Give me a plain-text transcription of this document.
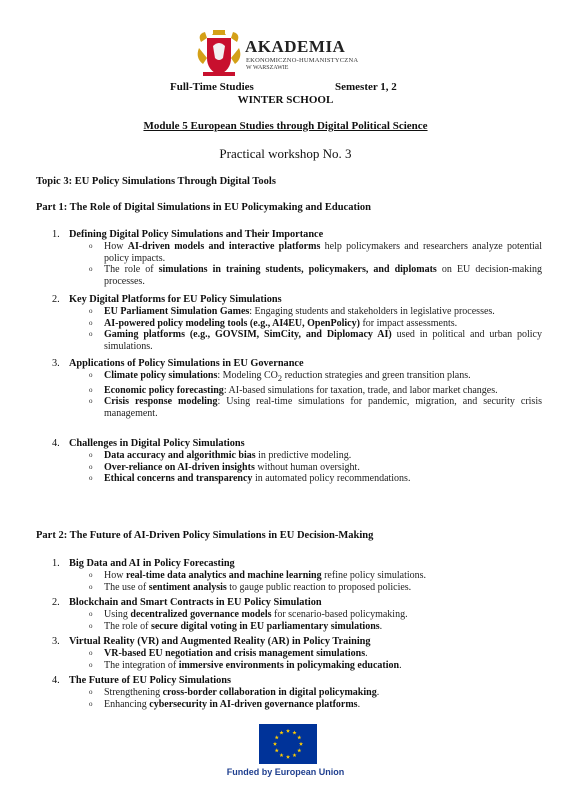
AKADEMIA
EKONOMICZNO-HUMANISTYCZNA
W WARSZAWIE
Full-Time Studies	Semester 1, 2
WINTER SCHOOL
Module 5 European Studies through Digital Political Science
Practical workshop No. 3
Topic 3: EU Policy Simulations Through Digital Tools
Part 1: The Role of Digital Simulations in EU Policymaking and Education
1. Defining Digital Policy Simulations and Their Importance
o How AI-driven models and interactive platforms help policymakers and researchers analyze potential policy impacts.
o The role of simulations in training students, policymakers, and diplomats on EU decision-making processes.
2. Key Digital Platforms for EU Policy Simulations
o EU Parliament Simulation Games: Engaging students and stakeholders in legislative processes.
o AI-powered policy modeling tools (e.g., AI4EU, OpenPolicy) for impact assessments.
o Gaming platforms (e.g., GOVSIM, SimCity, and Diplomacy AI) used in political and urban policy simulations.
3. Applications of Policy Simulations in EU Governance
o Climate policy simulations: Modeling $CO_2$ reduction strategies and green transition plans.
o Economic policy forecasting: AI-based simulations for taxation, trade, and labor market changes.
o Crisis response modeling: Using real-time simulations for pandemic, migration, and security crisis management.
4. Challenges in Digital Policy Simulations
o Data accuracy and algorithmic bias in predictive modeling.
o Over-reliance on AI-driven insights without human oversight.
o Ethical concerns and transparency in automated policy recommendations.
Part 2: The Future of AI-Driven Policy Simulations in EU Decision-Making
1. Big Data and AI in Policy Forecasting
o How real-time data analytics and machine learning refine policy simulations.
o The use of sentiment analysis to gauge public reaction to proposed policies.
2. Blockchain and Smart Contracts in EU Policy Simulation
o Using decentralized governance models for scenario-based policymaking.
o The role of secure digital voting in EU parliamentary simulations.
3. Virtual Reality (VR) and Augmented Reality (AR) in Policy Training
o VR-based EU negotiation and crisis management simulations.
o The integration of immersive environments in policymaking education.
4. The Future of EU Policy Simulations
o Strengthening cross-border collaboration in digital policymaking.
o Enhancing cybersecurity in AI-driven governance platforms.
Funded by European Union
